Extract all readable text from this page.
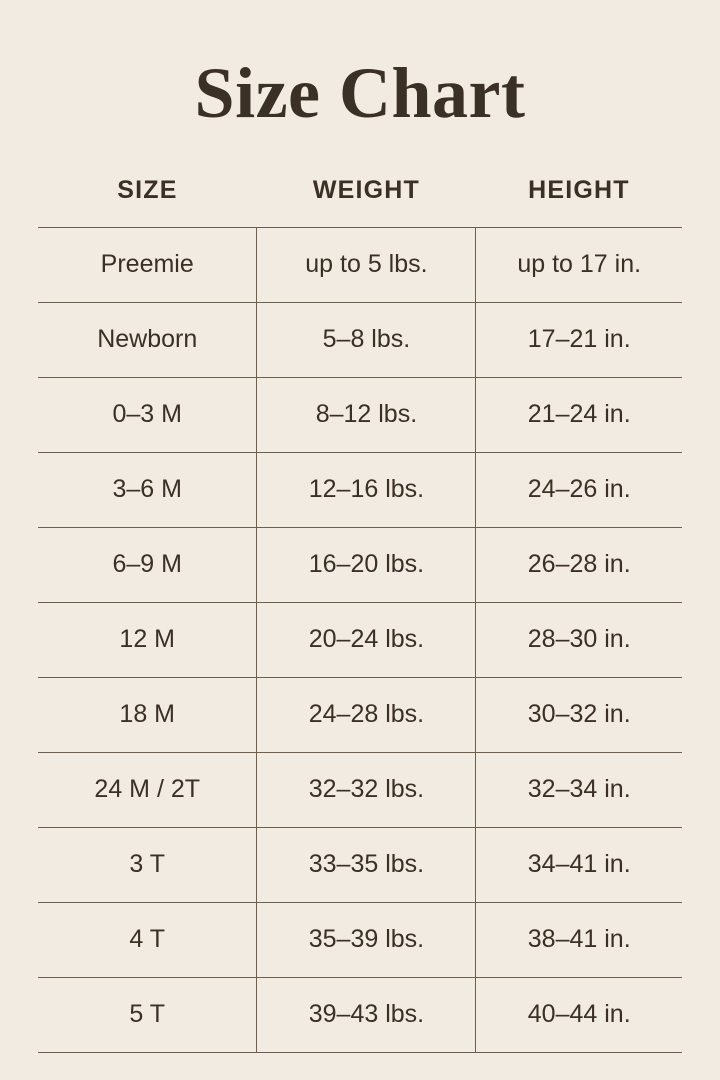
Size Chart
SIZE	WEIGHT	HEIGHT
Preemie	up to 5 lbs.	up to 17 in.
Newborn	5–8 lbs.	17–21 in.
0–3 M	8–12 lbs.	21–24 in.
3–6 M	12–16 lbs.	24–26 in.
6–9 M	16–20 lbs.	26–28 in.
12 M	20–24 lbs.	28–30 in.
18 M	24–28 lbs.	30–32 in.
24 M / 2T	32–32 lbs.	32–34 in.
3 T	33–35 lbs.	34–41 in.
4 T	35–39 lbs.	38–41 in.
5 T	39–43 lbs.	40–44 in.
